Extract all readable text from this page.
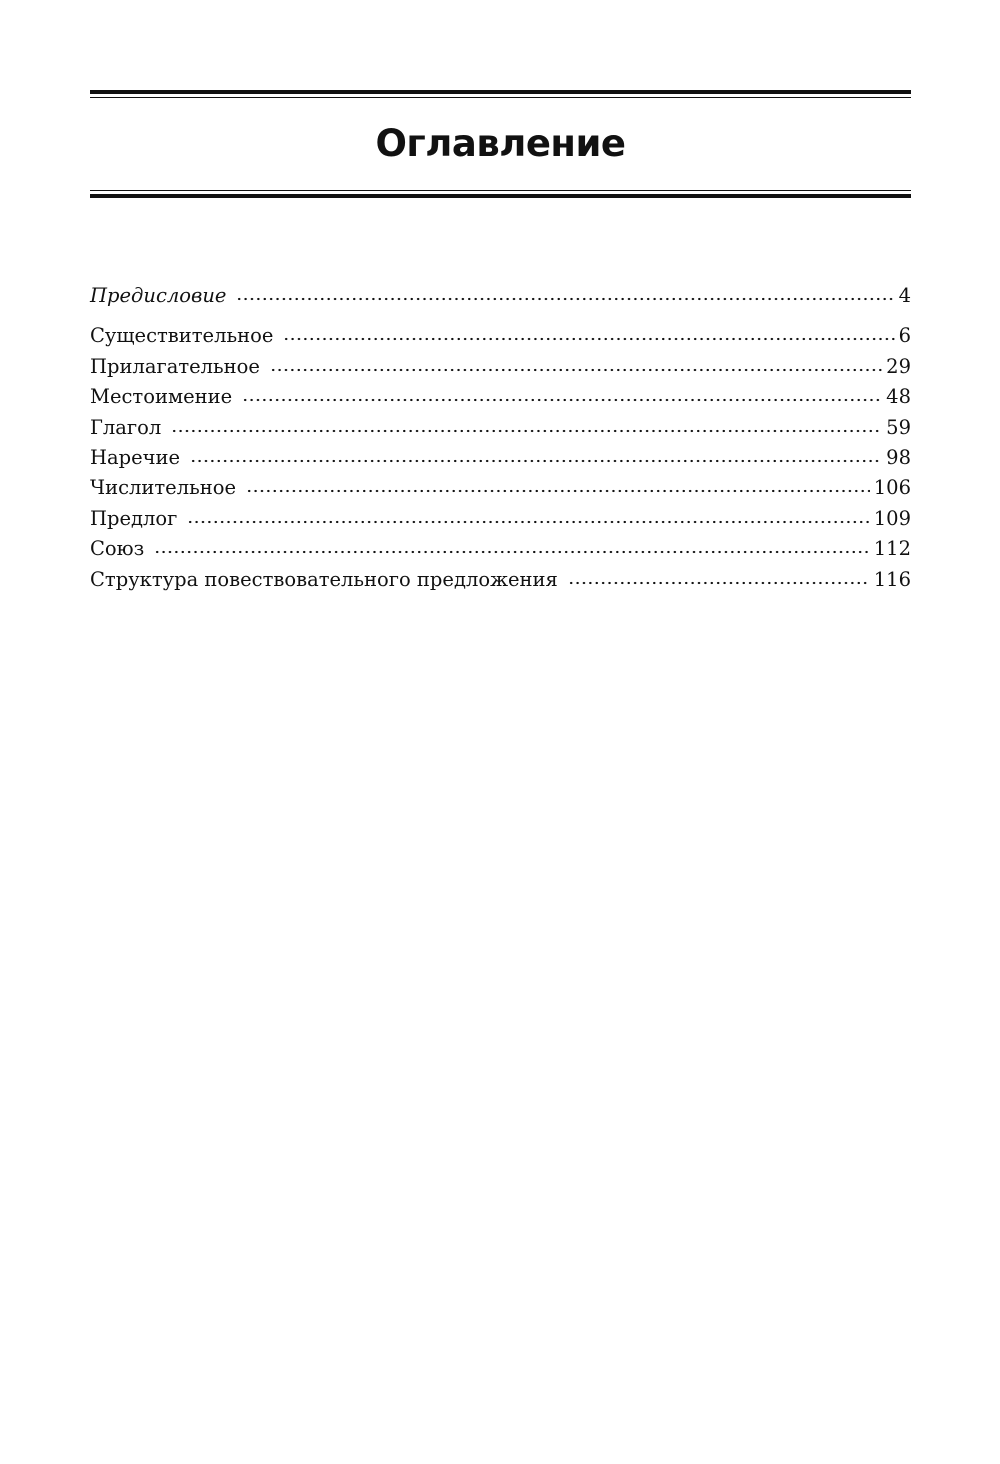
Оглавление
Предисловие	4
Существительное	6
Прилагательное	29
Местоимение	48
Глагол	59
Наречие	98
Числительное	106
Предлог	109
Союз	112
Структура повествовательного предложения	116
